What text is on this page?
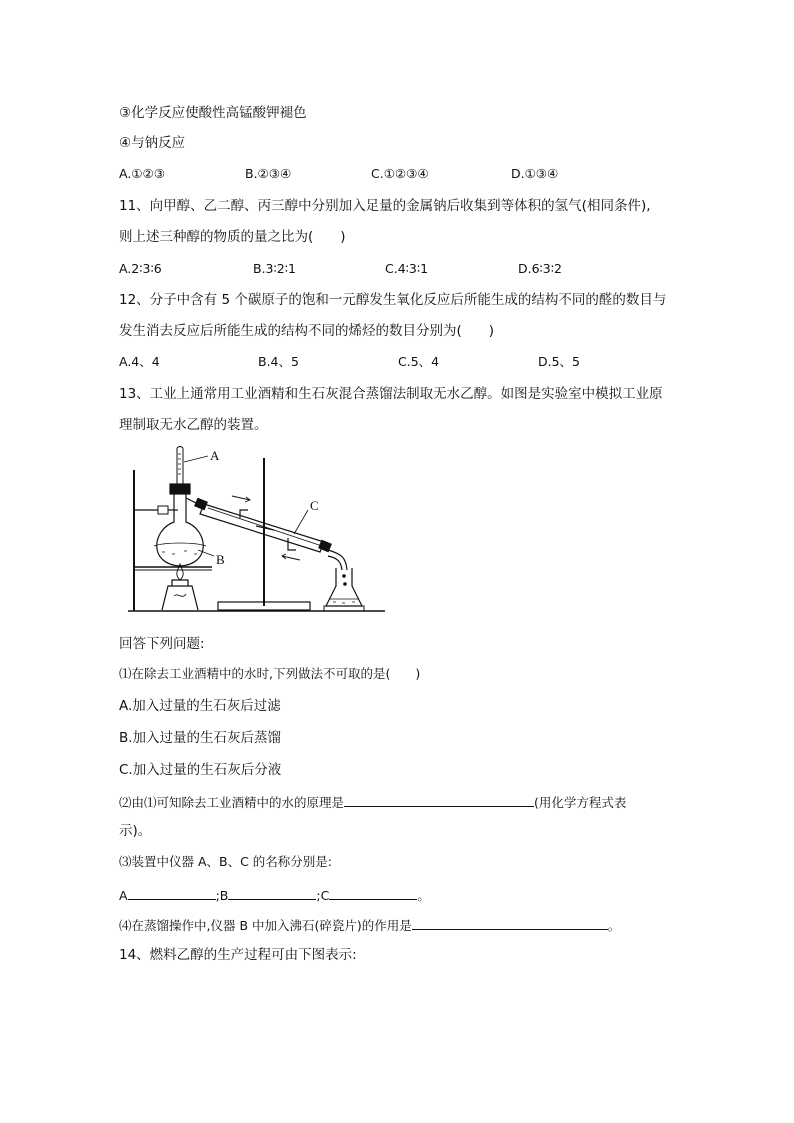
③化学反应使酸性高锰酸钾褪色
④与钠反应
A.①②③	B.②③④	C.①②③④	D.①③④
11、向甲醇、乙二醇、丙三醇中分别加入足量的金属钠后收集到等体积的氢气(相同条件),
则上述三种醇的物质的量之比为(　　)
A.2∶3∶6	B.3∶2∶1	C.4∶3∶1	D.6∶3∶2
12、分子中含有 5 个碳原子的饱和一元醇发生氧化反应后所能生成的结构不同的醛的数目与
发生消去反应后所能生成的结构不同的烯烃的数目分别为(　　)
A.4、4	B.4、5	C.5、4	D.5、5
13、工业上通常用工业酒精和生石灰混合蒸馏法制取无水乙醇。如图是实验室中模拟工业原
理制取无水乙醇的装置。
A
C
B
回答下列问题:
⑴在除去工业酒精中的水时,下列做法不可取的是(　　)
A.加入过量的生石灰后过滤
B.加入过量的生石灰后蒸馏
C.加入过量的生石灰后分液
⑵由⑴可知除去工业酒精中的水的原理是	(用化学方程式表
示)。
⑶装置中仪器 A、B、C 的名称分别是:
A	;B	;C	。
⑷在蒸馏操作中,仪器 B 中加入沸石(碎瓷片)的作用是	。
14、燃料乙醇的生产过程可由下图表示:
